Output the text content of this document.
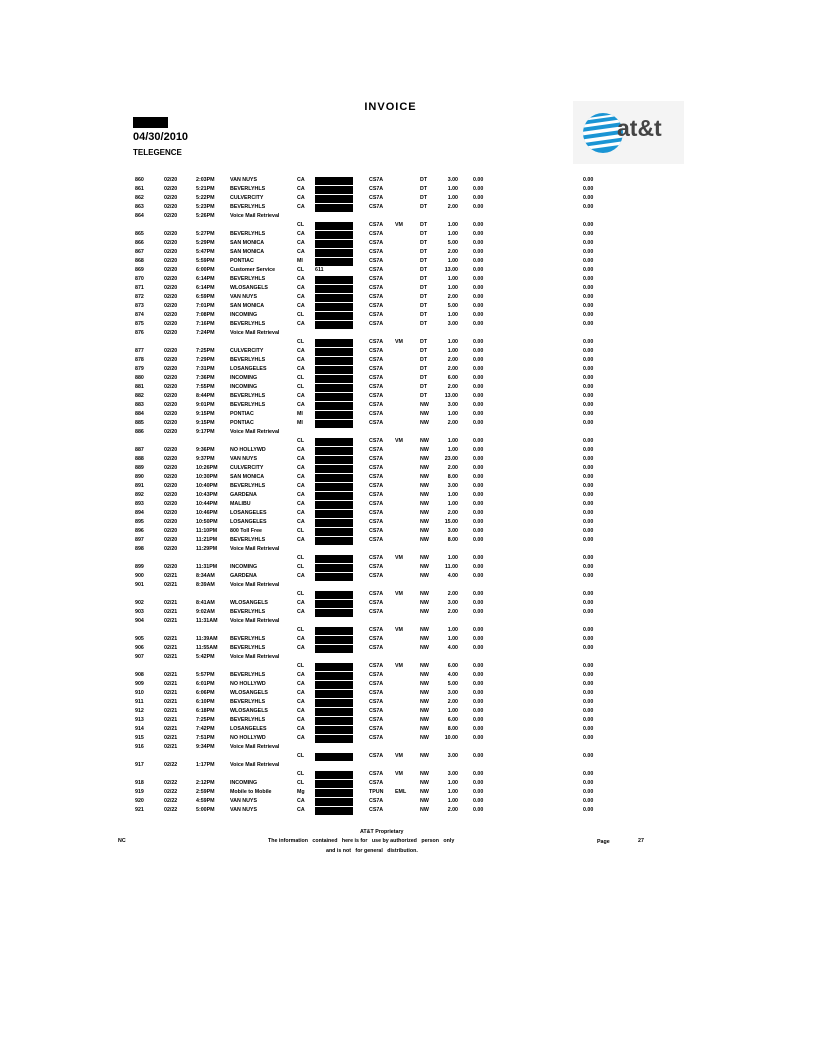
INVOICE
04/30/2010
TELEGENCE
at&t
860	02/20	2:03PM	VAN NUYS	CA	CS7A	DT	3.00	0.00	0.00
861	02/20	5:21PM	BEVERLYHLS	CA	CS7A	DT	1.00	0.00	0.00
862	02/20	5:22PM	CULVERCITY	CA	CS7A	DT	1.00	0.00	0.00
863	02/20	5:23PM	BEVERLYHLS	CA	CS7A	DT	2.00	0.00	0.00
864	02/20	5:26PM	Voice Mail Retrieval
CL	CS7A VM	DT	1.00	0.00	0.00
865	02/20	5:27PM	BEVERLYHLS	CA	CS7A	DT	1.00	0.00	0.00
866	02/20	5:29PM	SAN MONICA	CA	CS7A	DT	5.00	0.00	0.00
867	02/20	5:47PM	SAN MONICA	CA	CS7A	DT	2.00	0.00	0.00
868	02/20	5:59PM	PONTIAC	MI	CS7A	DT	1.00	0.00	0.00
869	02/20	6:00PM	Customer Service	CL 611	CS7A	DT	13.00	0.00	0.00
870	02/20	6:14PM	BEVERLYHLS	CA	CS7A	DT	1.00	0.00	0.00
871	02/20	6:14PM	WLOSANGELS	CA	CS7A	DT	1.00	0.00	0.00
872	02/20	6:59PM	VAN NUYS	CA	CS7A	DT	2.00	0.00	0.00
873	02/20	7:01PM	SAN MONICA	CA	CS7A	DT	5.00	0.00	0.00
874	02/20	7:08PM	INCOMING	CL	CS7A	DT	1.00	0.00	0.00
875	02/20	7:16PM	BEVERLYHLS	CA	CS7A	DT	3.00	0.00	0.00
876	02/20	7:24PM	Voice Mail Retrieval
CL	CS7A VM	DT	1.00	0.00	0.00
877	02/20	7:25PM	CULVERCITY	CA	CS7A	DT	1.00	0.00	0.00
878	02/20	7:29PM	BEVERLYHLS	CA	CS7A	DT	2.00	0.00	0.00
879	02/20	7:31PM	LOSANGELES	CA	CS7A	DT	2.00	0.00	0.00
880	02/20	7:36PM	INCOMING	CL	CS7A	DT	6.00	0.00	0.00
881	02/20	7:55PM	INCOMING	CL	CS7A	DT	2.00	0.00	0.00
882	02/20	8:44PM	BEVERLYHLS	CA	CS7A	DT	13.00	0.00	0.00
883	02/20	9:01PM	BEVERLYHLS	CA	CS7A	NW	3.00	0.00	0.00
884	02/20	9:15PM	PONTIAC	MI	CS7A	NW	1.00	0.00	0.00
885	02/20	9:15PM	PONTIAC	MI	CS7A	NW	2.00	0.00	0.00
886	02/20	9:17PM	Voice Mail Retrieval
CL	CS7A VM	NW	1.00	0.00	0.00
887	02/20	9:36PM	NO HOLLYWD	CA	CS7A	NW	1.00	0.00	0.00
888	02/20	9:37PM	VAN NUYS	CA	CS7A	NW	23.00	0.00	0.00
889	02/20	10:26PM CULVERCITY	CA	CS7A	NW	2.00	0.00	0.00
890	02/20	10:30PM SAN MONICA	CA	CS7A	NW	8.00	0.00	0.00
891	02/20	10:40PM BEVERLYHLS	CA	CS7A	NW	3.00	0.00	0.00
892	02/20	10:43PM GARDENA	CA	CS7A	NW	1.00	0.00	0.00
893	02/20	10:44PM MALIBU	CA	CS7A	NW	1.00	0.00	0.00
894	02/20	10:46PM LOSANGELES	CA	CS7A	NW	2.00	0.00	0.00
895	02/20	10:50PM LOSANGELES	CA	CS7A	NW	15.00	0.00	0.00
896	02/20	11:10PM 800 Toll Free	CL	CS7A	NW	3.00	0.00	0.00
897	02/20	11:21PM BEVERLYHLS	CA	CS7A	NW	8.00	0.00	0.00
898	02/20	11:29PM Voice Mail Retrieval
CL	CS7A VM	NW	1.00	0.00	0.00
899	02/20	11:31PM INCOMING	CL	CS7A	NW	11.00	0.00	0.00
900	02/21	8:34AM	GARDENA	CA	CS7A	NW	4.00	0.00	0.00
901	02/21	8:39AM	Voice Mail Retrieval
CL	CS7A VM	NW	2.00	0.00	0.00
902	02/21	8:41AM	WLOSANGELS	CA	CS7A	NW	3.00	0.00	0.00
903	02/21	9:02AM	BEVERLYHLS	CA	CS7A	NW	2.00	0.00	0.00
904	02/21	11:31AM Voice Mail Retrieval
CL	CS7A VM	NW	1.00	0.00	0.00
905	02/21	11:39AM BEVERLYHLS	CA	CS7A	NW	1.00	0.00	0.00
906	02/21	11:55AM BEVERLYHLS	CA	CS7A	NW	4.00	0.00	0.00
907	02/21	5:42PM	Voice Mail Retrieval
CL	CS7A VM	NW	6.00	0.00	0.00
908	02/21	5:57PM	BEVERLYHLS	CA	CS7A	NW	4.00	0.00	0.00
909	02/21	6:01PM	NO HOLLYWD	CA	CS7A	NW	5.00	0.00	0.00
910	02/21	6:06PM	WLOSANGELS	CA	CS7A	NW	3.00	0.00	0.00
911	02/21	6:10PM	BEVERLYHLS	CA	CS7A	NW	2.00	0.00	0.00
912	02/21	6:18PM	WLOSANGELS	CA	CS7A	NW	1.00	0.00	0.00
913	02/21	7:25PM	BEVERLYHLS	CA	CS7A	NW	6.00	0.00	0.00
914	02/21	7:42PM	LOSANGELES	CA	CS7A	NW	8.00	0.00	0.00
915	02/21	7:51PM	NO HOLLYWD	CA	CS7A	NW	10.00	0.00	0.00
916	02/21	9:34PM	Voice Mail Retrieval
CL	CS7A VM	NW	3.00	0.00	0.00
917	02/22	1:17PM	Voice Mail Retrieval
CL	CS7A VM	NW	3.00	0.00	0.00
918	02/22	2:12PM	INCOMING	CL	CS7A	NW	1.00	0.00	0.00
919	02/22	2:59PM	Mobile to Mobile	Mg	TPUN EML	NW	1.00	0.00	0.00
920	02/22	4:59PM	VAN NUYS	CA	CS7A	NW	1.00	0.00	0.00
921	02/22	5:00PM	VAN NUYS	CA	CS7A	NW	2.00	0.00	0.00
AT&T Proprietary
NC	The information   contained   here is for   use by authorized   person   only
and is not   for general   distribution.
Page	27
